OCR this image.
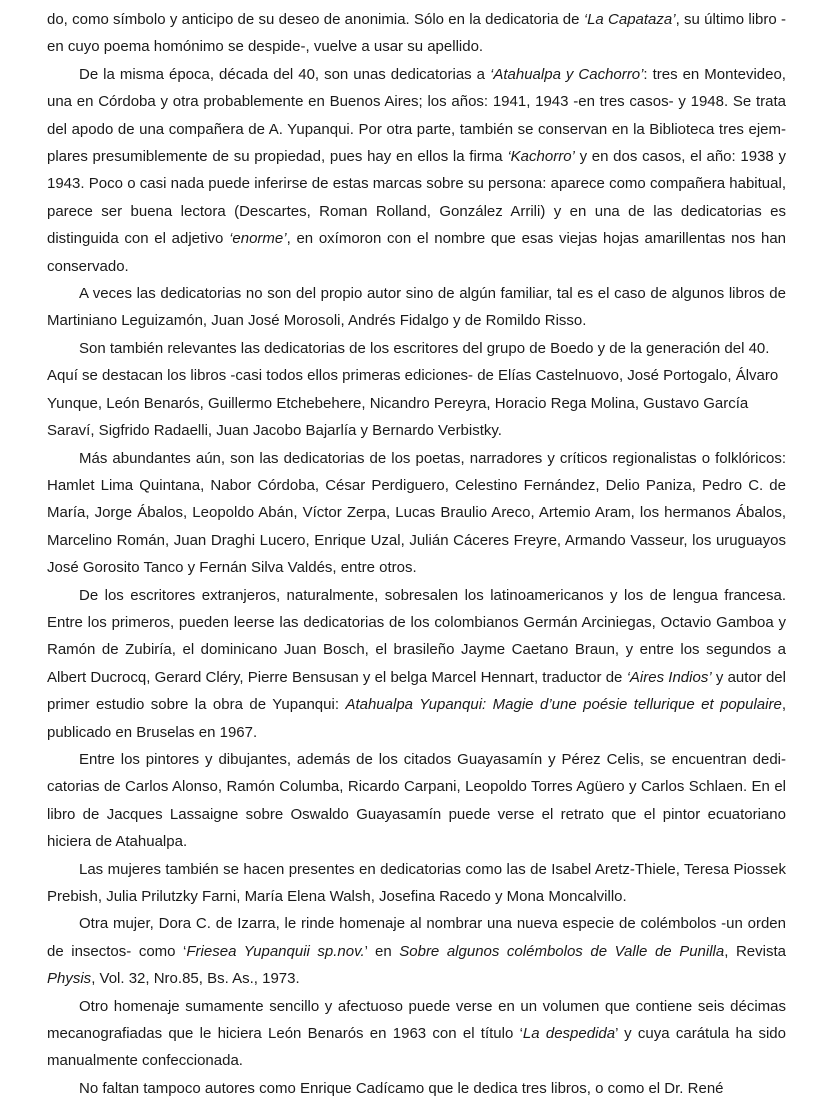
do, como símbolo y anticipo de su deseo de anonimia. Sólo en la dedicatoria de ‘La Capataza’, su último libro -en cuyo poema homónimo se despide-, vuelve a usar su apellido.

De la misma época, década del 40, son unas dedicatorias a ‘Atahualpa y Cachorro’: tres en Montevideo, una en Córdoba y otra probablemente en Buenos Aires; los años: 1941, 1943 -en tres casos- y 1948. Se trata del apodo de una compañera de A. Yupanqui. Por otra parte, también se conservan en la Biblioteca tres ejemplares presumiblemente de su propiedad, pues hay en ellos la firma ‘Kachorro’ y en dos casos, el año: 1938 y 1943. Poco o casi nada puede inferirse de estas marcas sobre su persona: aparece como compañera habitual, parece ser buena lectora (Descartes, Roman Rolland, González Arrili) y en una de las dedicatorias es distinguida con el adjetivo ‘enorme’, en oxímoron con el nombre que esas viejas hojas amarillentas nos han conservado.

A veces las dedicatorias no son del propio autor sino de algún familiar, tal es el caso de algunos libros de Martiniano Leguizamón, Juan José Morosoli, Andrés Fidalgo y de Romildo Risso.

Son también relevantes las dedicatorias de los escritores del grupo de Boedo y de la generación del 40. Aquí se destacan los libros -casi todos ellos primeras ediciones- de Elías Castelnuovo, José Portogalo, Álvaro Yunque, León Benarós, Guillermo Etchebehere, Nicandro Pereyra, Horacio Rega Molina, Gustavo García Saraví, Sigfrido Radaelli, Juan Jacobo Bajarlía y Bernardo Verbistky.

Más abundantes aún, son las dedicatorias de los poetas, narradores y críticos regionalistas o folklóricos: Hamlet Lima Quintana, Nabor Córdoba, César Perdiguero, Celestino Fernández, Delio Paniza, Pedro C. de María, Jorge Ábalos, Leopoldo Abán, Víctor Zerpa, Lucas Braulio Areco, Artemio Aram, los hermanos Ábalos, Marcelino Román, Juan Draghi Lucero, Enrique Uzal, Julián Cáceres Freyre, Armando Vasseur, los uruguayos José Gorosito Tanco y Fernán Silva Valdés, entre otros.

De los escritores extranjeros, naturalmente, sobresalen los latinoamericanos y los de lengua francesa. Entre los primeros, pueden leerse las dedicatorias de los colombianos Germán Arciniegas, Octavio Gamboa y Ramón de Zubiría, el dominicano Juan Bosch, el brasileño Jayme Caetano Braun, y entre los segundos a Albert Ducrocq, Gerard Cléry, Pierre Bensusan y el belga Marcel Hennart, traductor de ‘Aires Indios’ y autor del primer estudio sobre la obra de Yupanqui: Atahualpa Yupanqui: Magie d’une poésie tellurique et populaire, publicado en Bruselas en 1967.

Entre los pintores y dibujantes, además de los citados Guayasamín y Pérez Celis, se encuentran dedicatorias de Carlos Alonso, Ramón Columba, Ricardo Carpani, Leopoldo Torres Agüero y Carlos Schlaen. En el libro de Jacques Lassaigne sobre Oswaldo Guayasamín puede verse el retrato que el pintor ecuatoriano hiciera de Atahualpa.

Las mujeres también se hacen presentes en dedicatorias como las de Isabel Aretz-Thiele, Teresa Piossek Prebish, Julia Prilutzky Farni, María Elena Walsh, Josefina Racedo y Mona Moncalvillo.

Otra mujer, Dora C. de Izarra, le rinde homenaje al nombrar una nueva especie de colémbolos -un orden de insectos- como ‘Friesea Yupanquii sp.nov.’ en Sobre algunos colémbolos de Valle de Punilla, Revista Physis, Vol. 32, Nro.85, Bs. As., 1973.

Otro homenaje sumamente sencillo y afectuoso puede verse en un volumen que contiene seis décimas mecanografiadas que le hiciera León Benarós en 1963 con el título ‘La despedida’ y cuya carátula ha sido manualmente confeccionada.

No faltan tampoco autores como Enrique Cadícamo que le dedica tres libros, o como el Dr. René
